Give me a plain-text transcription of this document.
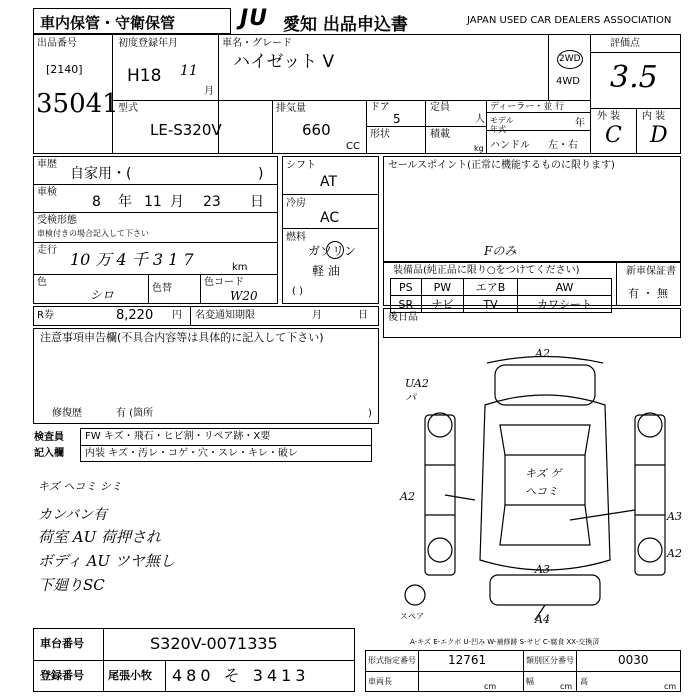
車内保管・守衛保管	JU 愛知 出品申込書	JAPAN USED CAR DEALERS ASSOCIATION
出品番号
[2140]
35041
初度登録年月
H18 11
月
型式
LE-S320V
車名・グレード
ハイゼット V	2WD
4WD
排気量
660
CC
ドア
5
形状
定員
人
積載
kg
ディーラー・並 行
モデル 年式
年
ハンドル 左・右
評価点
3.5
外 装 内 装
C D
車歴
自家用・(	)
車検
8 年 11 月 23 日
受検形態
車検付きの場合記入して下さい
走行 10 万 4 千 3 1 7	km
色
シロ	色替
色コード
W20
R券	8,220 円 名変通知期限	月	日
シフト
AT
冷房
AC
燃料
ガソリン
軽 油
( )
セールスポイント(正常に機能するものに限ります)
Fのみ
装備品(純正品に限り○をつけてください)
PS	PW	エアB	AW
SR	ナビ	TV	カワシート
新車保証書
有 ・ 無
注意事項申告欄(不具合内容等は具体的に記入して下さい)
修復歴	有 (箇所	)
後日品
検査員
記入欄
FW キズ・飛石・ヒビ割・リペア跡・X要
内装 キズ・汚レ・コゲ・穴・スレ・キレ・破レ
キズ ヘコミ シミ
カンバン有
荷室 AU 荷押され
ボディ AU ツヤ無し
下廻りSC
A2
A2
UA2
パ
A3
A3
A4
A2
キズ ゲ
ヘコミ
スペア
A-キズ E-エクボ U-凹み W-補修跡 S-サビ C-腐食 XX-交換済
車台番号	S320V-0071335
登録番号 尾張小牧 480 そ 3413
形式指定番号	12761	類別区分番号	0030
車両長
cm
幅
cm
高
cm
